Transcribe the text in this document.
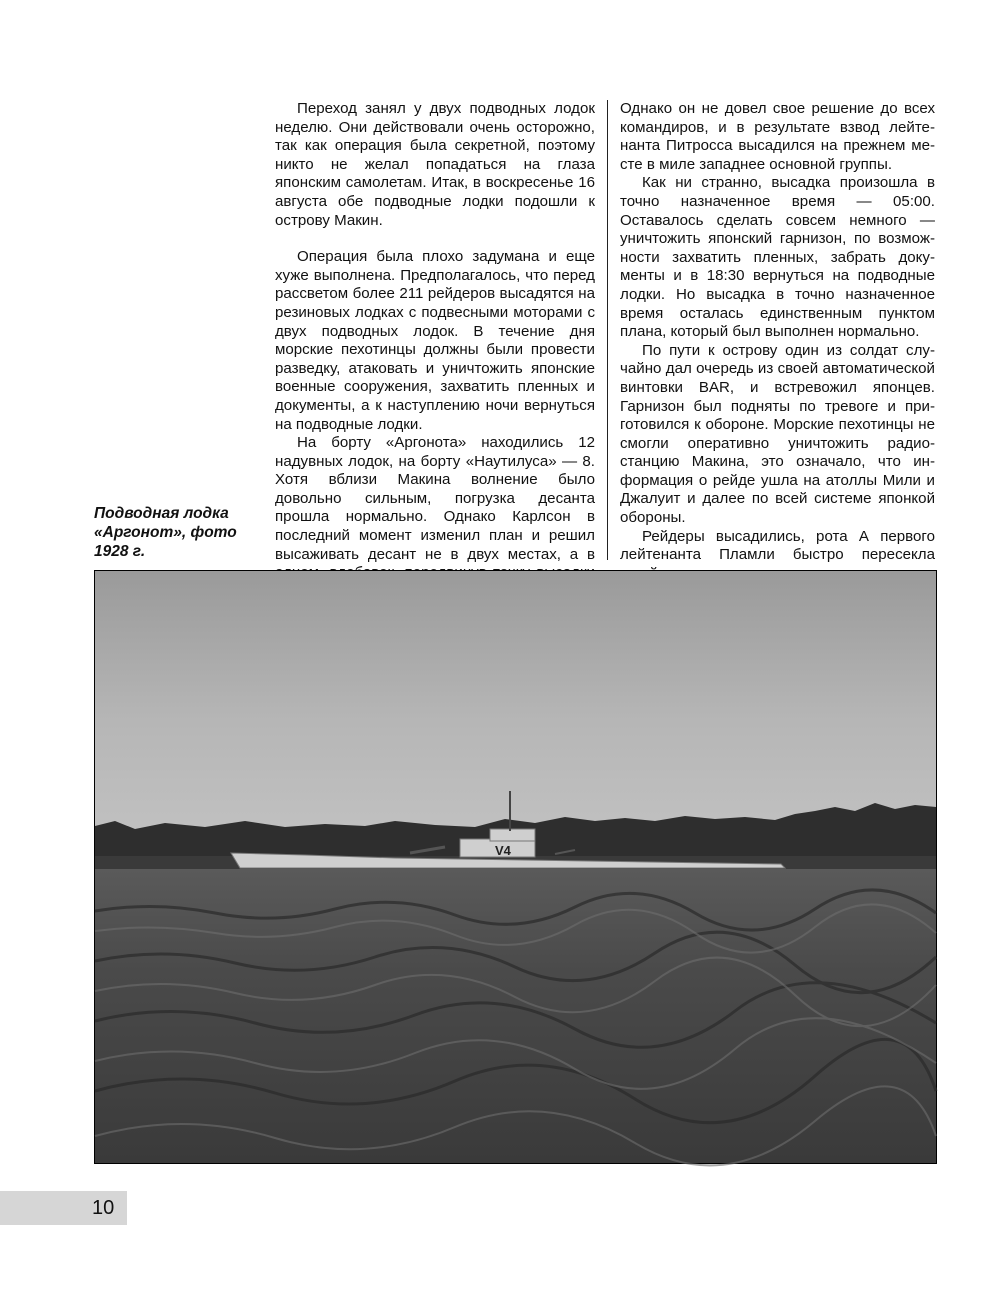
Переход занял у двух подводных лодок неделю. Они действовали очень осторожно, так как операция была секретной, поэтому никто не желал попадаться на глаза японским самолетам. Итак, в воскресенье 16 августа обе подводные лодки подошли к острову Макин.

Операция была плохо задумана и еще хуже выполнена. Предполагалось, что перед рассветом более 211 рейдеров высадятся на резиновых лодках с подвесными моторами с двух подводных лодок. В течение дня морские пехотинцы должны были провести разведку, атаковать и уничтожить японские военные сооружения, захватить пленных и документы, а к наступлению ночи вернуться на подводные лодки.

На борту «Аргонота» находились 12 надувных лодок, на борту «Наутилуса» — 8. Хотя вблизи Макина волнение было довольно сильным, погрузка десанта прошла нормально. Однако Карлсон в последний момент изменил план и решил высаживать десант не в двух местах, а в

Однако он не довел свое решение до всех командиров, и в результате взвод лейтенанта Питросса высадился на прежнем месте в миле западнее основной группы.

Как ни странно, высадка произошла в точно назначенное время — 05:00. Оставалось сделать совсем немного — уничтожить японский гарнизон, по возможности захватить пленных, забрать документы и в 18:30 вернуться на подводные лодки. Но высадка в точно назначенное время осталась единственным пунктом плана, который был выполнен нормально.

По пути к острову один из солдат случайно дал очередь из своей автоматической винтовки BAR, и встревожил японцев. Гарнизон был подняты по тревоге и приготовился к обороне. Морские пехотинцы не смогли оперативно уничтожить радиостанцию Макина, это означало, что информация о рейде ушла на атоллы Мили и Джалуит и далее по всей системе японкой обороны.

Рейдеры высадились, рота А первого лейтенанта Пламли быстро пересекла

Подводная лодка «Аргонот», фото 1928 г.
V4
10
